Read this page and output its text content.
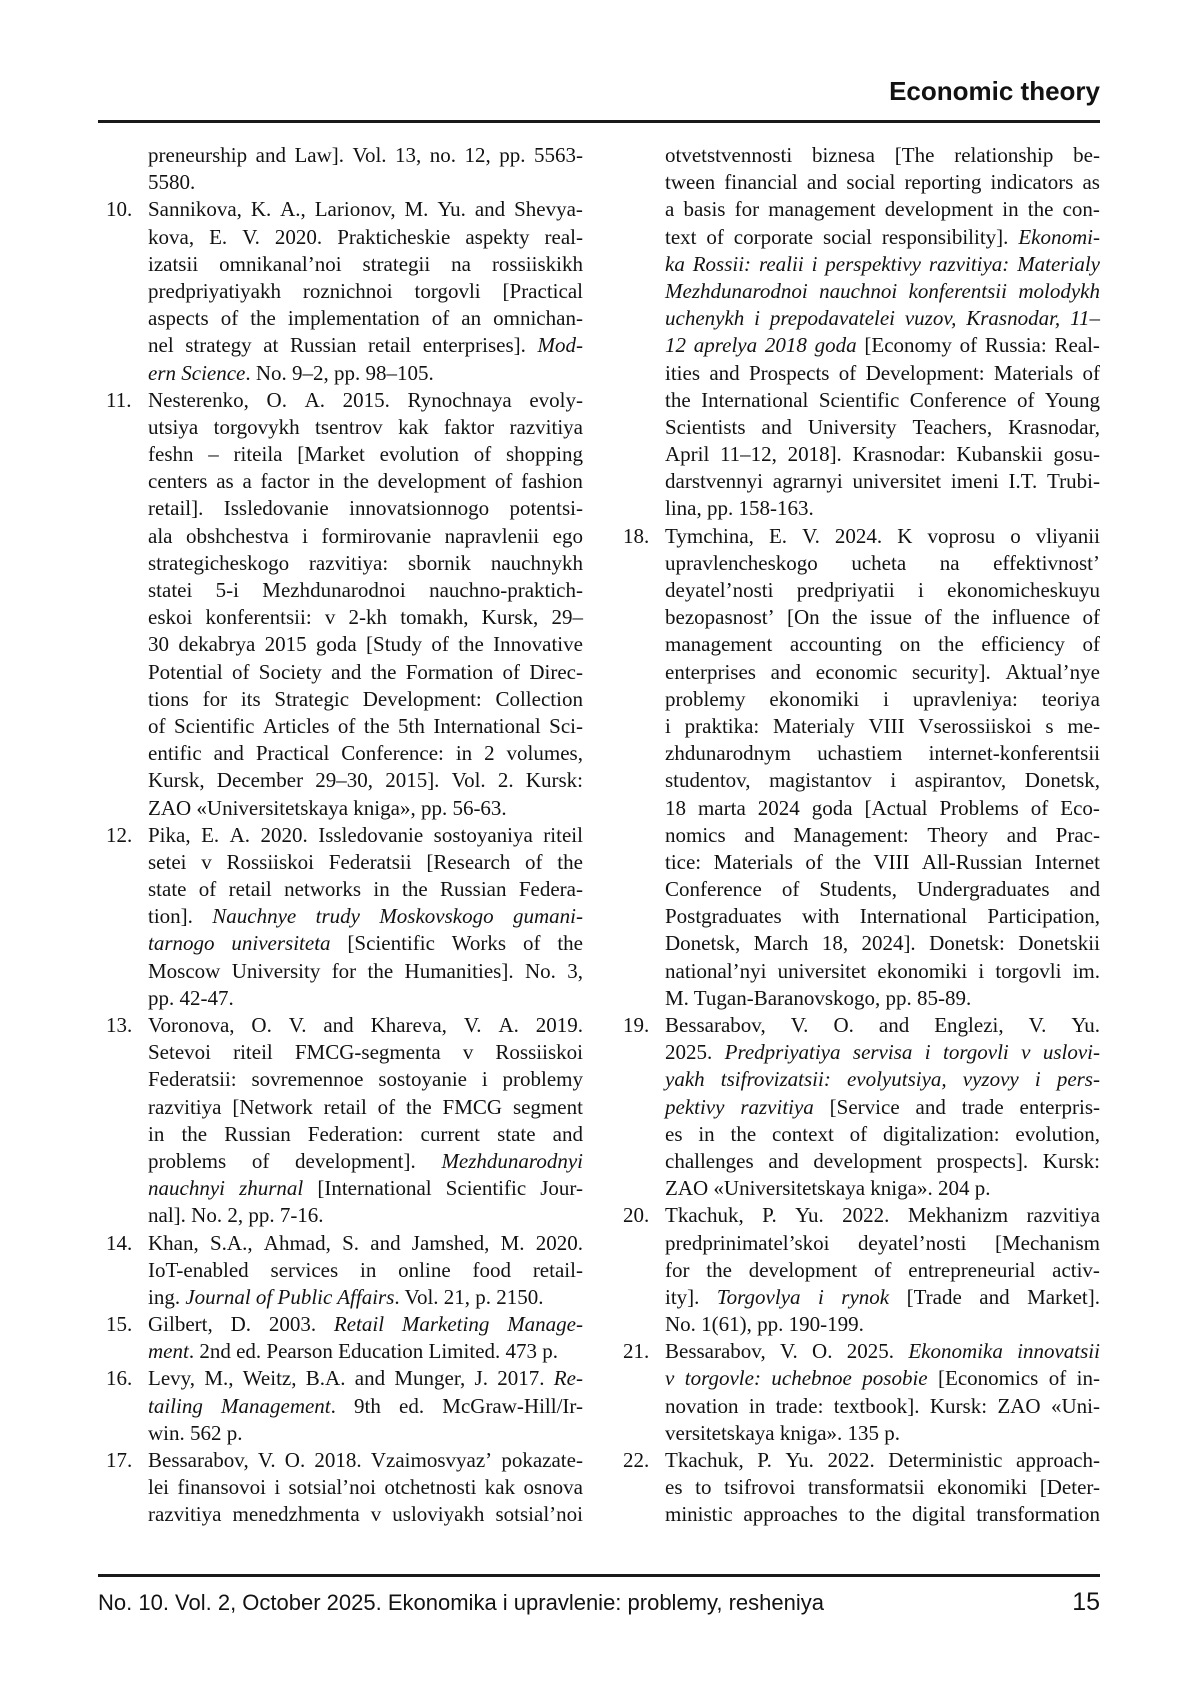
Economic theory
preneurship and Law]. Vol. 13, no. 12, pp. 5563-
5580.
10. Sannikova, K. A., Larionov, M. Yu. and Shevya-
kova, E. V. 2020. Prakticheskie aspekty real-
izatsii omnikanal’noi strategii na rossiiskikh
predpriyatiyakh roznichnoi torgovli [Practical
aspects of the implementation of an omnichan-
nel strategy at Russian retail enterprises]. Mod-
ern Science. No. 9–2, pp. 98–105.
11. Nesterenko, O. A. 2015. Rynochnaya evoly-
utsiya torgovykh tsentrov kak faktor razvitiya
feshn – riteila [Market evolution of shopping
centers as a factor in the development of fashion
retail]. Issledovanie innovatsionnogo potentsi-
ala obshchestva i formirovanie napravlenii ego
strategicheskogo razvitiya: sbornik nauchnykh
statei 5-i Mezhdunarodnoi nauchno-praktich-
eskoi konferentsii: v 2-kh tomakh, Kursk, 29–
30 dekabrya 2015 goda [Study of the Innovative
Potential of Society and the Formation of Direc-
tions for its Strategic Development: Collection
of Scientific Articles of the 5th International Sci-
entific and Practical Conference: in 2 volumes,
Kursk, December 29–30, 2015]. Vol. 2. Kursk:
ZAO «Universitetskaya kniga», pp. 56-63.
12. Pika, E. A. 2020. Issledovanie sostoyaniya riteil
setei v Rossiiskoi Federatsii [Research of the
state of retail networks in the Russian Federa-
tion]. Nauchnye trudy Moskovskogo gumani-
tarnogo universiteta [Scientific Works of the
Moscow University for the Humanities]. No. 3,
pp. 42-47.
13. Voronova, O. V. and Khareva, V. A. 2019.
Setevoi riteil FMCG-segmenta v Rossiiskoi
Federatsii: sovremennoe sostoyanie i problemy
razvitiya [Network retail of the FMCG segment
in the Russian Federation: current state and
problems of development]. Mezhdunarodnyi
nauchnyi zhurnal [International Scientific Jour-
nal]. No. 2, pp. 7-16.
14. Khan, S.A., Ahmad, S. and Jamshed, M. 2020.
IoT-enabled services in online food retail-
ing. Journal of Public Affairs. Vol. 21, p. 2150.
15. Gilbert, D. 2003. Retail Marketing Manage-
ment. 2nd ed. Pearson Education Limited. 473 p.
16. Levy, M., Weitz, B.A. and Munger, J. 2017. Re-
tailing Management. 9th ed. McGraw-Hill/Ir-
win. 562 p.
17. Bessarabov, V. O. 2018. Vzaimosvyaz’ pokazate-
lei finansovoi i sotsial’noi otchetnosti kak osnova
razvitiya menedzhmenta v usloviyakh sotsial’noi
otvetstvennosti biznesa [The relationship be-
tween financial and social reporting indicators as
a basis for management development in the con-
text of corporate social responsibility]. Ekonomi-
ka Rossii: realii i perspektivy razvitiya: Materialy
Mezhdunarodnoi nauchnoi konferentsii molodykh
uchenykh i prepodavatelei vuzov, Krasnodar, 11–
12 aprelya 2018 goda [Economy of Russia: Real-
ities and Prospects of Development: Materials of
the International Scientific Conference of Young
Scientists and University Teachers, Krasnodar,
April 11–12, 2018]. Krasnodar: Kubanskii gosu-
darstvennyi agrarnyi universitet imeni I.T. Trubi-
lina, pp. 158-163.
18. Tymchina, E. V. 2024. K voprosu o vliyanii
upravlencheskogo ucheta na effektivnost’
deyatel’nosti predpriyatii i ekonomicheskuyu
bezopasnost’ [On the issue of the influence of
management accounting on the efficiency of
enterprises and economic security]. Aktual’nye
problemy ekonomiki i upravleniya: teoriya
i praktika: Materialy VIII Vserossiiskoi s me-
zhdunarodnym uchastiem internet-konferentsii
studentov, magistantov i aspirantov, Donetsk,
18 marta 2024 goda [Actual Problems of Eco-
nomics and Management: Theory and Prac-
tice: Materials of the VIII All-Russian Internet
Conference of Students, Undergraduates and
Postgraduates with International Participation,
Donetsk, March 18, 2024]. Donetsk: Donetskii
national’nyi universitet ekonomiki i torgovli im.
M. Tugan-Baranovskogo, pp. 85-89.
19. Bessarabov, V. O. and Englezi, V. Yu.
2025. Predpriyatiya servisa i torgovli v uslovi-
yakh tsifrovizatsii: evolyutsiya, vyzovy i pers-
pektivy razvitiya [Service and trade enterpris-
es in the context of digitalization: evolution,
challenges and development prospects]. Kursk:
ZAO «Universitetskaya kniga». 204 p.
20. Tkachuk, P. Yu. 2022. Mekhanizm razvitiya
predprinimatel’skoi deyatel’nosti [Mechanism
for the development of entrepreneurial activ-
ity]. Torgovlya i rynok [Trade and Market].
No. 1(61), pp. 190-199.
21. Bessarabov, V. O. 2025. Ekonomika innovatsii
v torgovle: uchebnoe posobie [Economics of in-
novation in trade: textbook]. Kursk: ZAO «Uni-
versitetskaya kniga». 135 p.
22. Tkachuk, P. Yu. 2022. Deterministic approach-
es to tsifrovoi transformatsii ekonomiki [Deter-
ministic approaches to the digital transformation
No. 10. Vol. 2, October 2025. Ekonomika i upravlenie: problemy, resheniya	15
